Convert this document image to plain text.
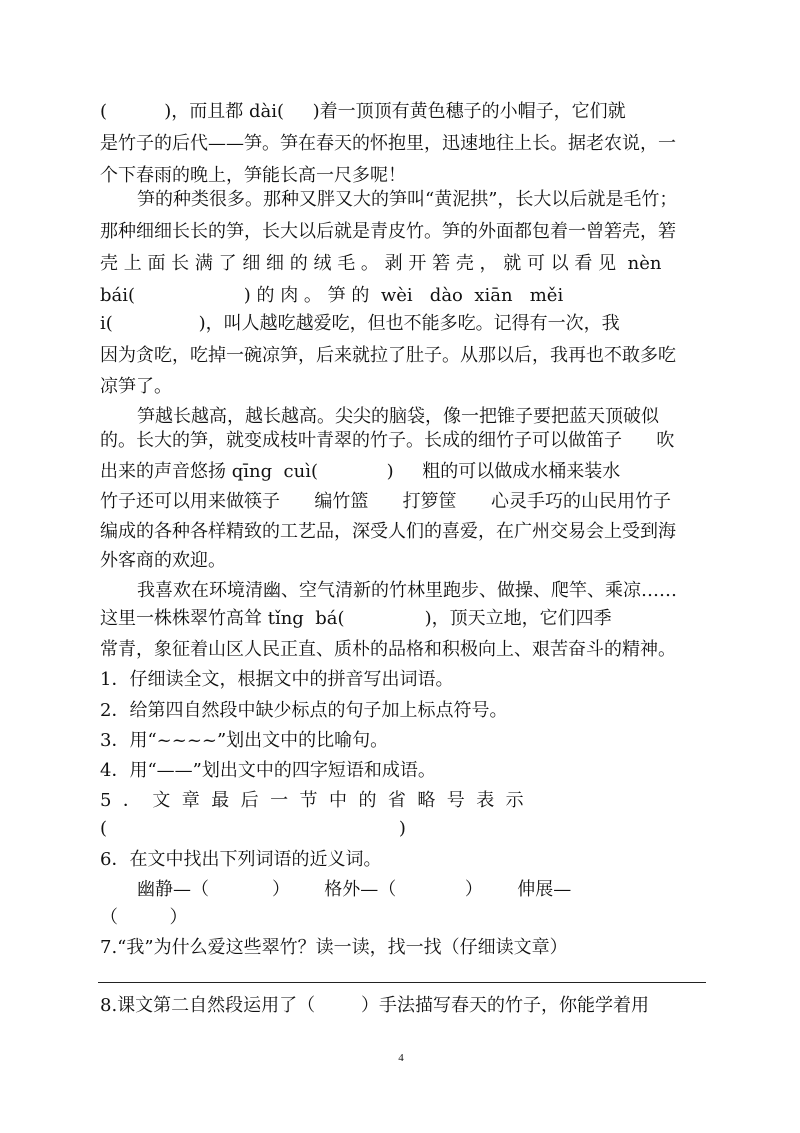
(          )，而且都 dài(     )着一顶顶有黄色穗子的小帽子，它们就
是竹子的后代——笋。笋在春天的怀抱里，迅速地往上长。据老农说，一
个下春雨的晚上，笋能长高一尺多呢！
笋的种类很多。那种又胖又大的笋叫“黄泥拱”，长大以后就是毛竹；
那种细细长长的笋，长大以后就是青皮竹。笋的外面都包着一曾箬壳，箬
壳 上 面 长 满 了 细 细 的 绒 毛 。 剥 开 箬 壳 ， 就 可 以 看 见  nèn
bái(                   ) 的 肉 。 笋 的  wèi   dào  xiān   měi
i(               )，叫人越吃越爱吃，但也不能多吃。记得有一次，我
因为贪吃，吃掉一碗凉笋，后来就拉了肚子。从那以后，我再也不敢多吃
凉笋了。
笋越长越高，越长越高。尖尖的脑袋，像一把锥子要把蓝天顶破似
的。长大的笋，就变成枝叶青翠的竹子。长成的细竹子可以做笛子      吹
出来的声音悠扬 qīng  cuì(            )     粗的可以做成水桶来装水
竹子还可以用来做筷子      编竹篮      打箩筐      心灵手巧的山民用竹子
编成的各种各样精致的工艺品，深受人们的喜爱，在广州交易会上受到海
外客商的欢迎。
我喜欢在环境清幽、空气清新的竹林里跑步、做操、爬竿、乘凉……
这里一株株翠竹高耸 tǐng  bá(              )，顶天立地，它们四季
常青，象征着山区人民正直、质朴的品格和积极向上、艰苦奋斗的精神。
1．仔细读全文，根据文中的拼音写出词语。
2．给第四自然段中缺少标点的句子加上标点符号。
3．用“~~~~”划出文中的比喻句。
4．用“——”划出文中的四字短语和成语。
5  ．  文  章  最  后  一  节  中  的  省  略  号  表  示
(                                                   )
6．在文中找出下列词语的近义词。
幽静—（           ）      格外—（            ）      伸展—
（         ）
7.“我”为什么爱这些翠竹？读一读，找一找（仔细读文章）
8.课文第二自然段运用了（        ）手法描写春天的竹子，你能学着用
4
